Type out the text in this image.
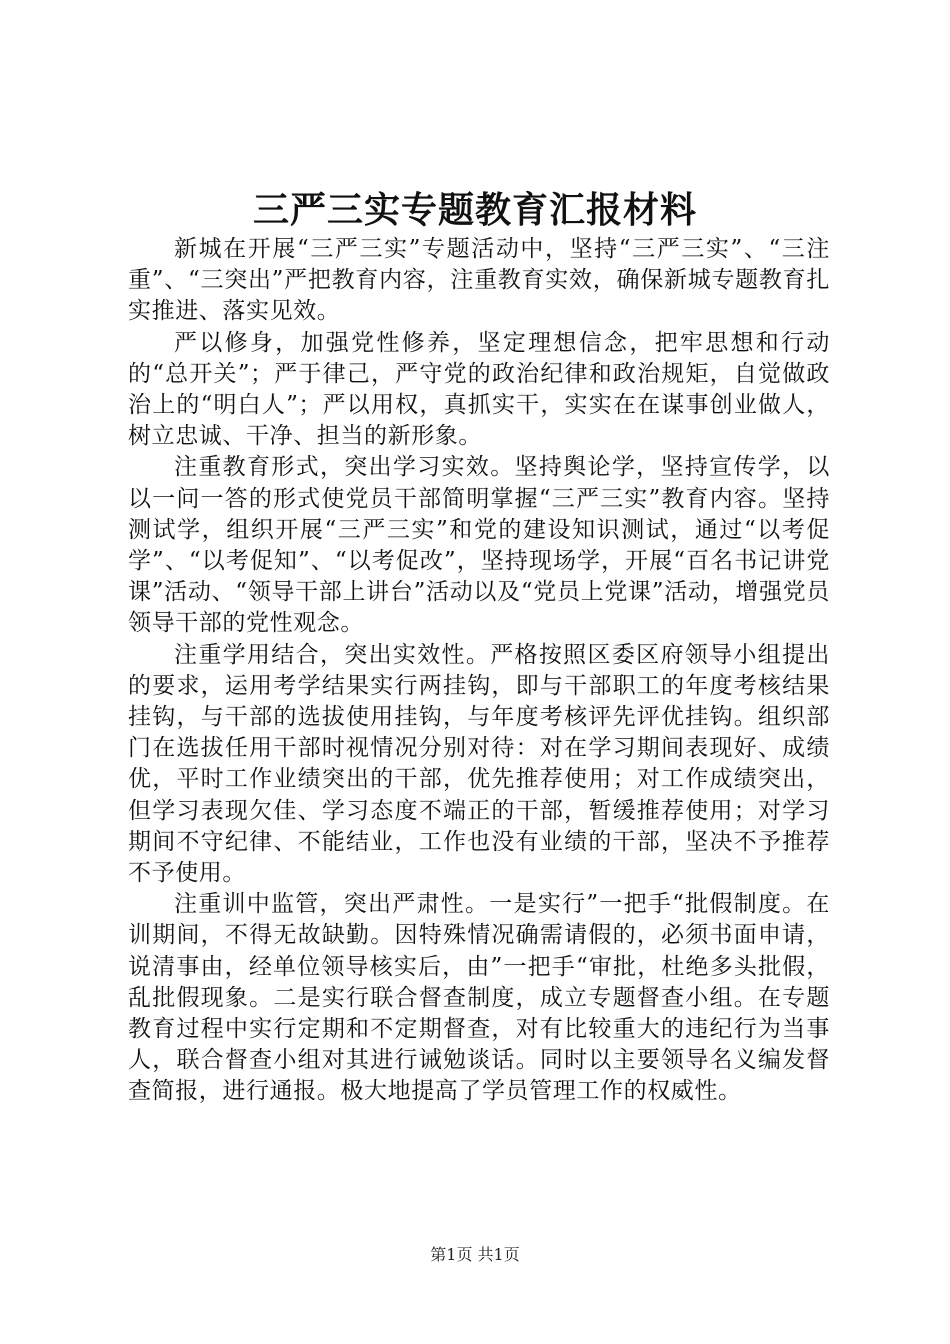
三严三实专题教育汇报材料

新城在开展“三严三实”专题活动中，坚持“三严三实”、“三注重”、“三突出”严把教育内容，注重教育实效，确保新城专题教育扎实推进、落实见效。

严以修身，加强党性修养，坚定理想信念，把牢思想和行动的“总开关”；严于律己，严守党的政治纪律和政治规矩，自觉做政治上的“明白人”；严以用权，真抓实干，实实在在谋事创业做人，树立忠诚、干净、担当的新形象。

注重教育形式，突出学习实效。坚持舆论学，坚持宣传学，以以一问一答的形式使党员干部简明掌握“三严三实”教育内容。坚持测试学，组织开展“三严三实”和党的建设知识测试，通过“以考促学”、“以考促知”、“以考促改”，坚持现场学，开展“百名书记讲党课”活动、“领导干部上讲台”活动以及“党员上党课”活动，增强党员领导干部的党性观念。

注重学用结合，突出实效性。严格按照区委区府领导小组提出的要求，运用考学结果实行两挂钩，即与干部职工的年度考核结果挂钩，与干部的选拔使用挂钩，与年度考核评先评优挂钩。组织部门在选拔任用干部时视情况分别对待：对在学习期间表现好、成绩优，平时工作业绩突出的干部，优先推荐使用；对工作成绩突出，但学习表现欠佳、学习态度不端正的干部，暂缓推荐使用；对学习期间不守纪律、不能结业，工作也没有业绩的干部，坚决不予推荐不予使用。

注重训中监管，突出严肃性。一是实行”一把手“批假制度。在训期间，不得无故缺勤。因特殊情况确需请假的，必须书面申请，说清事由，经单位领导核实后，由”一把手“审批，杜绝多头批假，乱批假现象。二是实行联合督查制度，成立专题督查小组。在专题教育过程中实行定期和不定期督查，对有比较重大的违纪行为当事人，联合督查小组对其进行诫勉谈话。同时以主要领导名义编发督查简报，进行通报。极大地提高了学员管理工作的权威性。

第1页 共1页
